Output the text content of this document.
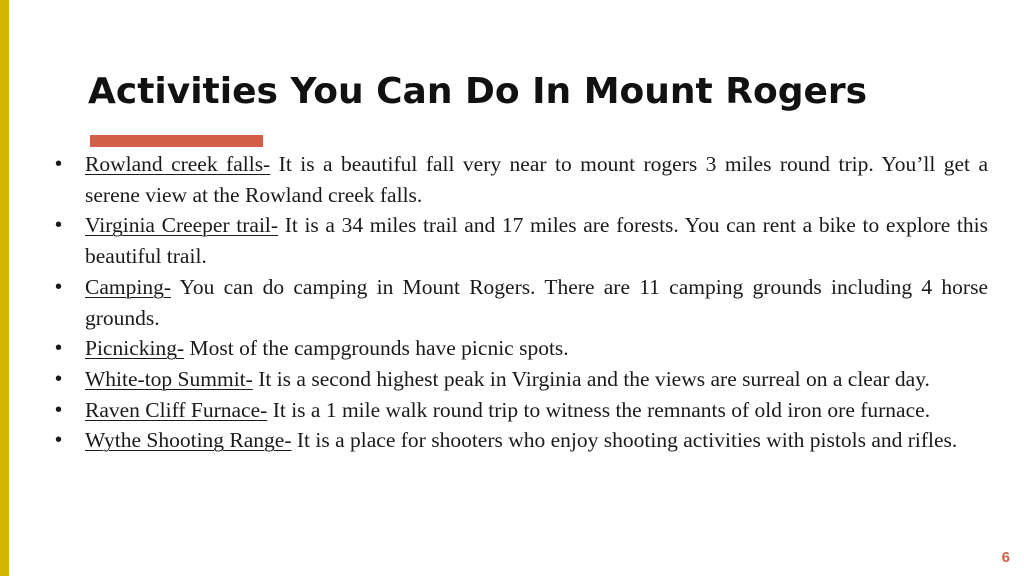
Activities You Can Do In Mount Rogers
• Rowland creek falls- It is a beautiful fall very near to mount rogers 3 miles round trip. You’ll get a serene view at the Rowland creek falls.
• Virginia Creeper trail- It is a 34 miles trail and 17 miles are forests. You can rent a bike to explore this beautiful trail.
• Camping- You can do camping in Mount Rogers. There are 11 camping grounds including 4 horse grounds.
• Picnicking- Most of the campgrounds have picnic spots.
• White-top Summit- It is a second highest peak in Virginia and the views are surreal on a clear day.
• Raven Cliff Furnace- It is a 1 mile walk round trip to witness the remnants of old iron ore furnace.
• Wythe Shooting Range- It is a place for shooters who enjoy shooting activities with pistols and rifles.
6
